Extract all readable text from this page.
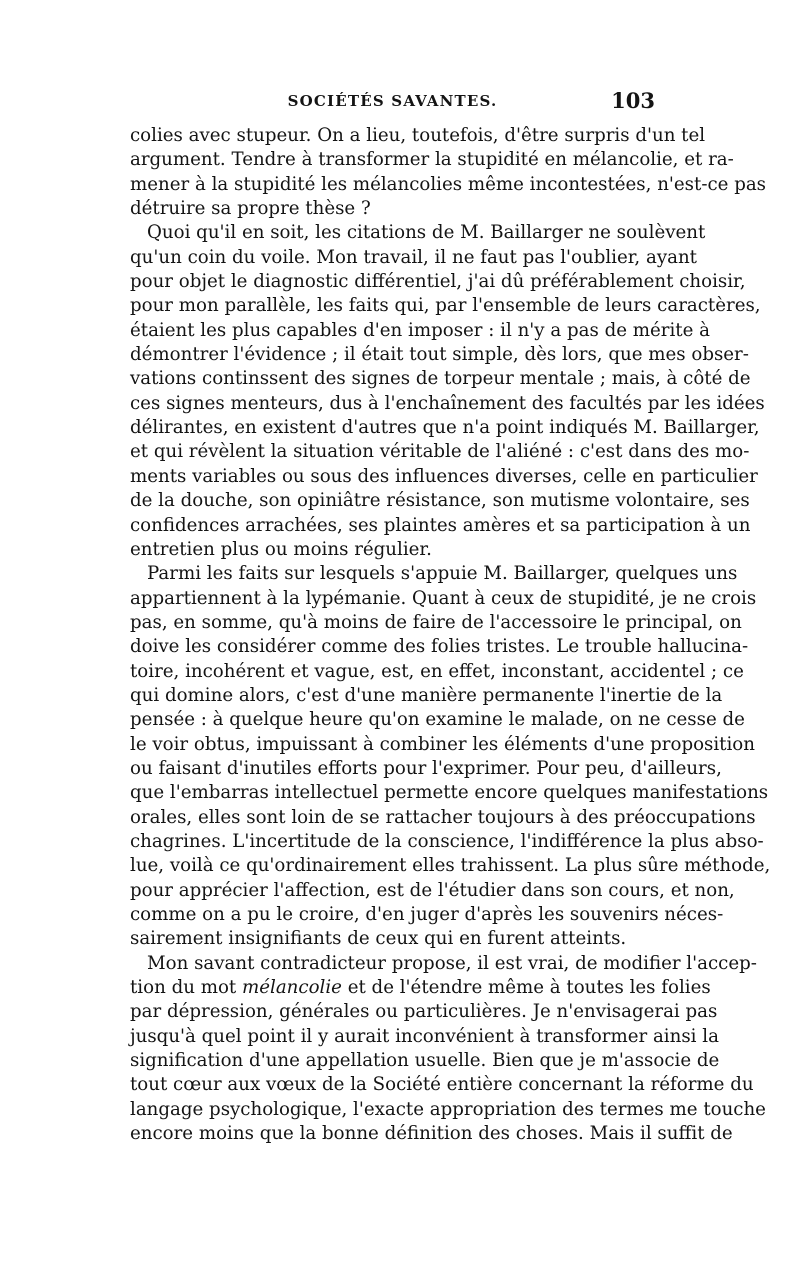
SOCIÉTÉS SAVANTES.	103
colies avec stupeur. On a lieu, toutefois, d'être surpris d'un tel
argument. Tendre à transformer la stupidité en mélancolie, et ra-
mener à la stupidité les mélancolies même incontestées, n'est-ce pas
détruire sa propre thèse ?
Quoi qu'il en soit, les citations de M. Baillarger ne soulèvent
qu'un coin du voile. Mon travail, il ne faut pas l'oublier, ayant
pour objet le diagnostic différentiel, j'ai dû préférablement choisir,
pour mon parallèle, les faits qui, par l'ensemble de leurs caractères,
étaient les plus capables d'en imposer : il n'y a pas de mérite à
démontrer l'évidence ; il était tout simple, dès lors, que mes obser-
vations continssent des signes de torpeur mentale ; mais, à côté de
ces signes menteurs, dus à l'enchaînement des facultés par les idées
délirantes, en existent d'autres que n'a point indiqués M. Baillarger,
et qui révèlent la situation véritable de l'aliéné : c'est dans des mo-
ments variables ou sous des influences diverses, celle en particulier
de la douche, son opiniâtre résistance, son mutisme volontaire, ses
confidences arrachées, ses plaintes amères et sa participation à un
entretien plus ou moins régulier.
Parmi les faits sur lesquels s'appuie M. Baillarger, quelques uns
appartiennent à la lypémanie. Quant à ceux de stupidité, je ne crois
pas, en somme, qu'à moins de faire de l'accessoire le principal, on
doive les considérer comme des folies tristes. Le trouble hallucina-
toire, incohérent et vague, est, en effet, inconstant, accidentel ; ce
qui domine alors, c'est d'une manière permanente l'inertie de la
pensée : à quelque heure qu'on examine le malade, on ne cesse de
le voir obtus, impuissant à combiner les éléments d'une proposition
ou faisant d'inutiles efforts pour l'exprimer. Pour peu, d'ailleurs,
que l'embarras intellectuel permette encore quelques manifestations
orales, elles sont loin de se rattacher toujours à des préoccupations
chagrines. L'incertitude de la conscience, l'indifférence la plus abso-
lue, voilà ce qu'ordinairement elles trahissent. La plus sûre méthode,
pour apprécier l'affection, est de l'étudier dans son cours, et non,
comme on a pu le croire, d'en juger d'après les souvenirs néces-
sairement insignifiants de ceux qui en furent atteints.
Mon savant contradicteur propose, il est vrai, de modifier l'accep-
tion du mot mélancolie et de l'étendre même à toutes les folies
par dépression, générales ou particulières. Je n'envisagerai pas
jusqu'à quel point il y aurait inconvénient à transformer ainsi la
signification d'une appellation usuelle. Bien que je m'associe de
tout cœur aux vœux de la Société entière concernant la réforme du
langage psychologique, l'exacte appropriation des termes me touche
encore moins que la bonne définition des choses. Mais il suffit de
